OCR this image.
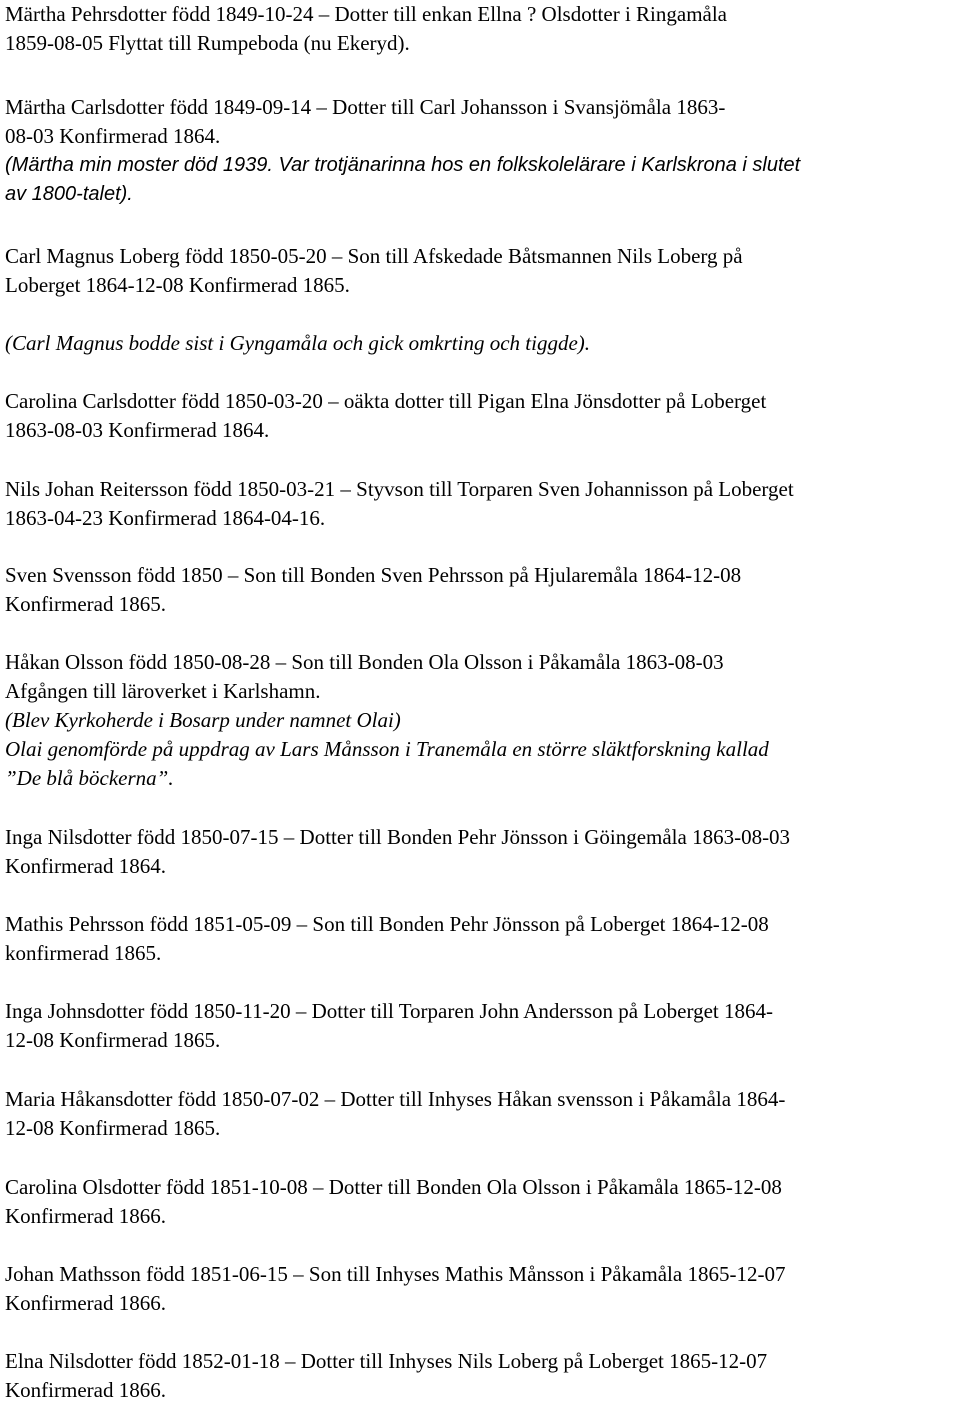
Märtha Pehrsdotter född 1849-10-24 – Dotter till enkan Ellna ? Olsdotter i Ringamåla
1859-08-05 Flyttat till Rumpeboda (nu Ekeryd).
Märtha Carlsdotter född 1849-09-14 – Dotter till Carl Johansson i Svansjömåla 1863-
08-03 Konfirmerad 1864.
(Märtha min moster död 1939. Var trotjänarinna hos en folkskolelärare i Karlskrona i slutet
av 1800-talet).
Carl Magnus Loberg född 1850-05-20 – Son till Afskedade Båtsmannen Nils Loberg på
Loberget 1864-12-08 Konfirmerad 1865.
(Carl Magnus bodde sist i Gyngamåla och gick omkrting och tiggde).
Carolina Carlsdotter född 1850-03-20 – oäkta dotter till Pigan Elna Jönsdotter på Loberget
1863-08-03 Konfirmerad 1864.
Nils Johan Reitersson född 1850-03-21 – Styvson till Torparen Sven Johannisson på Loberget
1863-04-23 Konfirmerad 1864-04-16.
Sven Svensson född 1850 – Son till Bonden Sven Pehrsson på Hjularemåla 1864-12-08
Konfirmerad 1865.
Håkan Olsson född 1850-08-28 – Son till Bonden Ola Olsson i Påkamåla 1863-08-03
Afgången till läroverket i Karlshamn.
(Blev Kyrkoherde i Bosarp under namnet Olai)
Olai genomförde på uppdrag av Lars Månsson i Tranemåla en större släktforskning kallad
”De blå böckerna”.
Inga Nilsdotter född 1850-07-15 – Dotter till Bonden Pehr Jönsson i Göingemåla 1863-08-03
Konfirmerad 1864.
Mathis Pehrsson född 1851-05-09 – Son till Bonden Pehr Jönsson på Loberget 1864-12-08
konfirmerad 1865.
Inga Johnsdotter född 1850-11-20 – Dotter till Torparen John Andersson på Loberget 1864-
12-08 Konfirmerad 1865.
Maria Håkansdotter född 1850-07-02 – Dotter till Inhyses Håkan svensson i Påkamåla 1864-
12-08 Konfirmerad 1865.
Carolina Olsdotter född 1851-10-08 – Dotter till Bonden Ola Olsson i Påkamåla 1865-12-08
Konfirmerad 1866.
Johan Mathsson född 1851-06-15 – Son till Inhyses Mathis Månsson i Påkamåla 1865-12-07
Konfirmerad 1866.
Elna Nilsdotter född 1852-01-18 – Dotter till Inhyses Nils Loberg på Loberget 1865-12-07
Konfirmerad 1866.
